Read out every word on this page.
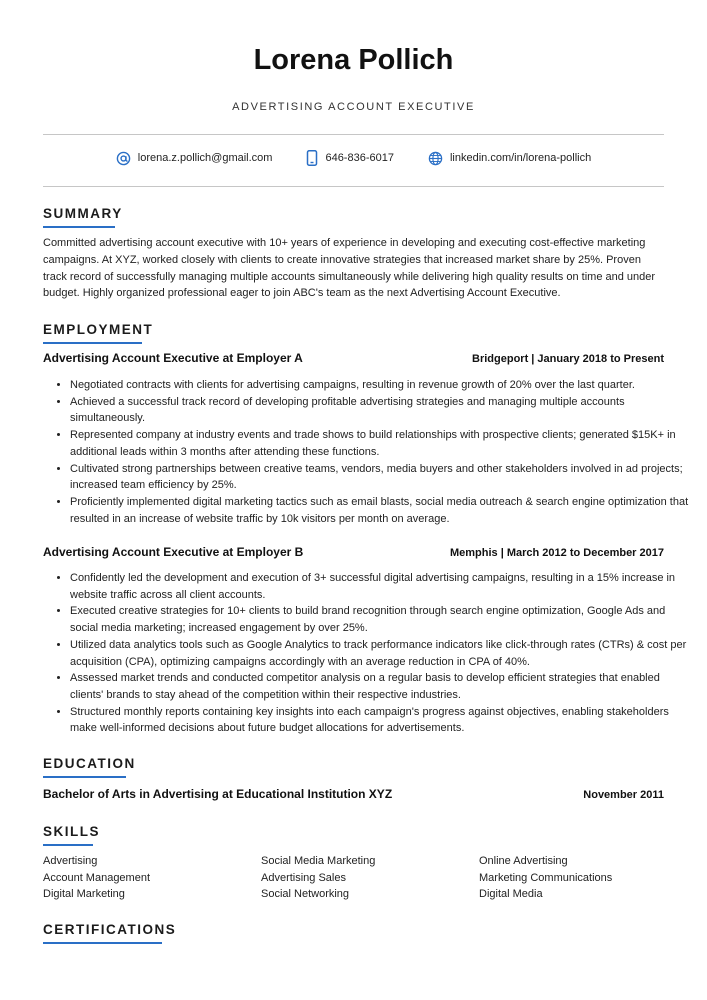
Lorena Pollich
ADVERTISING ACCOUNT EXECUTIVE
lorena.z.pollich@gmail.com	646-836-6017	linkedin.com/in/lorena-pollich
SUMMARY

Committed advertising account executive with 10+ years of experience in developing and executing cost-effective marketing campaigns. At XYZ, worked closely with clients to create innovative strategies that increased market share by 25%. Proven track record of successfully managing multiple accounts simultaneously while delivering high quality results on time and under budget. Highly organized professional eager to join ABC's team as the next Advertising Account Executive.

EMPLOYMENT
Advertising Account Executive at Employer A	Bridgeport | January 2018 to Present
• Negotiated contracts with clients for advertising campaigns, resulting in revenue growth of 20% over the last quarter.
• Achieved a successful track record of developing profitable advertising strategies and managing multiple accounts simultaneously.
• Represented company at industry events and trade shows to build relationships with prospective clients; generated $15K+ in additional leads within 3 months after attending these functions.
• Cultivated strong partnerships between creative teams, vendors, media buyers and other stakeholders involved in ad projects; increased team efficiency by 25%.
• Proficiently implemented digital marketing tactics such as email blasts, social media outreach & search engine optimization that resulted in an increase of website traffic by 10k visitors per month on average.
Advertising Account Executive at Employer B	Memphis | March 2012 to December 2017
• Confidently led the development and execution of 3+ successful digital advertising campaigns, resulting in a 15% increase in website traffic across all client accounts.
• Executed creative strategies for 10+ clients to build brand recognition through search engine optimization, Google Ads and social media marketing; increased engagement by over 25%.
• Utilized data analytics tools such as Google Analytics to track performance indicators like click-through rates (CTRs) & cost per acquisition (CPA), optimizing campaigns accordingly with an average reduction in CPA of 40%.
• Assessed market trends and conducted competitor analysis on a regular basis to develop efficient strategies that enabled clients' brands to stay ahead of the competition within their respective industries.
• Structured monthly reports containing key insights into each campaign's progress against objectives, enabling stakeholders make well-informed decisions about future budget allocations for advertisements.
EDUCATION
Bachelor of Arts in Advertising at Educational Institution XYZ	November 2011
SKILLS
Advertising	Social Media Marketing	Online Advertising
Account Management	Advertising Sales	Marketing Communications
Digital Marketing	Social Networking	Digital Media
CERTIFICATIONS
